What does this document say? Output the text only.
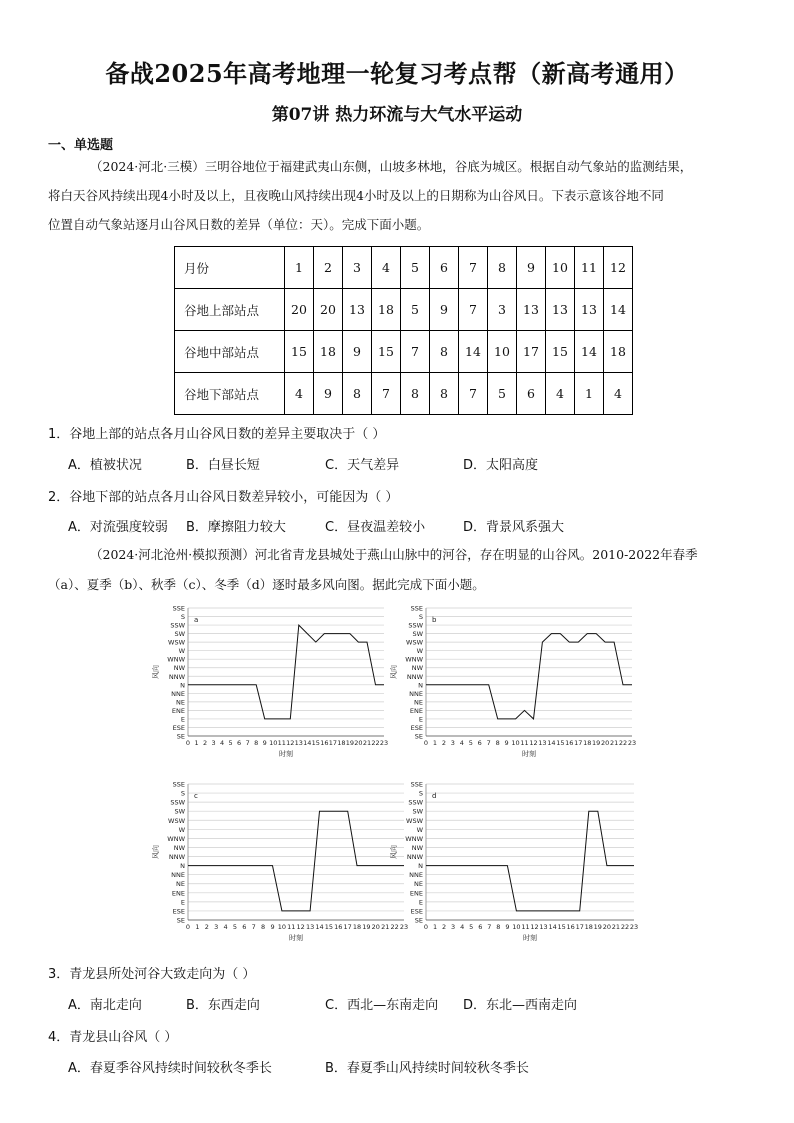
备战2025年高考地理一轮复习考点帮（新高考通用）
第07讲 热力环流与大气水平运动
一、单选题
（2024·河北·三模）三明谷地位于福建武夷山东侧，山坡多林地，谷底为城区。根据自动气象站的监测结果，
将白天谷风持续出现4小时及以上，且夜晚山风持续出现4小时及以上的日期称为山谷风日。下表示意该谷地不同
位置自动气象站逐月山谷风日数的差异（单位：天）。完成下面小题。
月份	1	2	3	4	5	6	7	8	9	10	11	12
谷地上部站点	20	20	13	18	5	9	7	3	13	13	13	14
谷地中部站点	15	18	9	15	7	8	14	10	17	15	14	18
谷地下部站点	4	9	8	7	8	8	7	5	6	4	1	4
1．谷地上部的站点各月山谷风日数的差异主要取决于（ ）
A．植被状况	B．白昼长短	C．天气差异	D．太阳高度
2．谷地下部的站点各月山谷风日数差异较小，可能因为（ ）
A．对流强度较弱 B．摩擦阻力较大	C．昼夜温差较小	D．背景风系强大
（2024·河北沧州·模拟预测）河北省青龙县城处于燕山山脉中的河谷，存在明显的山谷风。2010-2022年春季
（a）、夏季（b）、秋季（c）、冬季（d）逐时最多风向图。据此完成下面小题。
SE
ESE
E
ENE
NE
NNE
N
NNW
NW
WNW
W
WSW
SW
SSW
S
SSE
0 1 2 3 4 5 6 7 8 9 10 11 12 13 14 15 16 17 18 19 20 21 22 23
时刻
风向
a
SE
ESE
E
ENE
NE
NNE
N
NNW
NW
WNW
W
WSW
SW
SSW
S
SSE
0 1 2 3 4 5 6 7 8 9 10 11 12 13 14 15 16 17 18 19 20 21 22 23
时刻
风向
b
SE
ESE
E
ENE
NE
NNE
N
NNW
NW
WNW
W
WSW
SW
SSW
S
SSE
0 1 2 3 4 5 6 7 8 9 10 11 12 13 14 15 16 17 18 19 20 21 22 23
时刻
风向
c
SE
ESE
E
ENE
NE
NNE
N
NNW
NW
WNW
W
WSW
SW
SSW
S
SSE
0 1 2 3 4 5 6 7 8 9 10 11 12 13 14 15 16 17 18 19 20 21 22 23
时刻
风向
d
3．青龙县所处河谷大致走向为（ ）
A．南北走向	B．东西走向	C．西北—东南走向 D．东北—西南走向
4．青龙县山谷风（ ）
A．春夏季谷风持续时间较秋冬季长	B．春夏季山风持续时间较秋冬季长
